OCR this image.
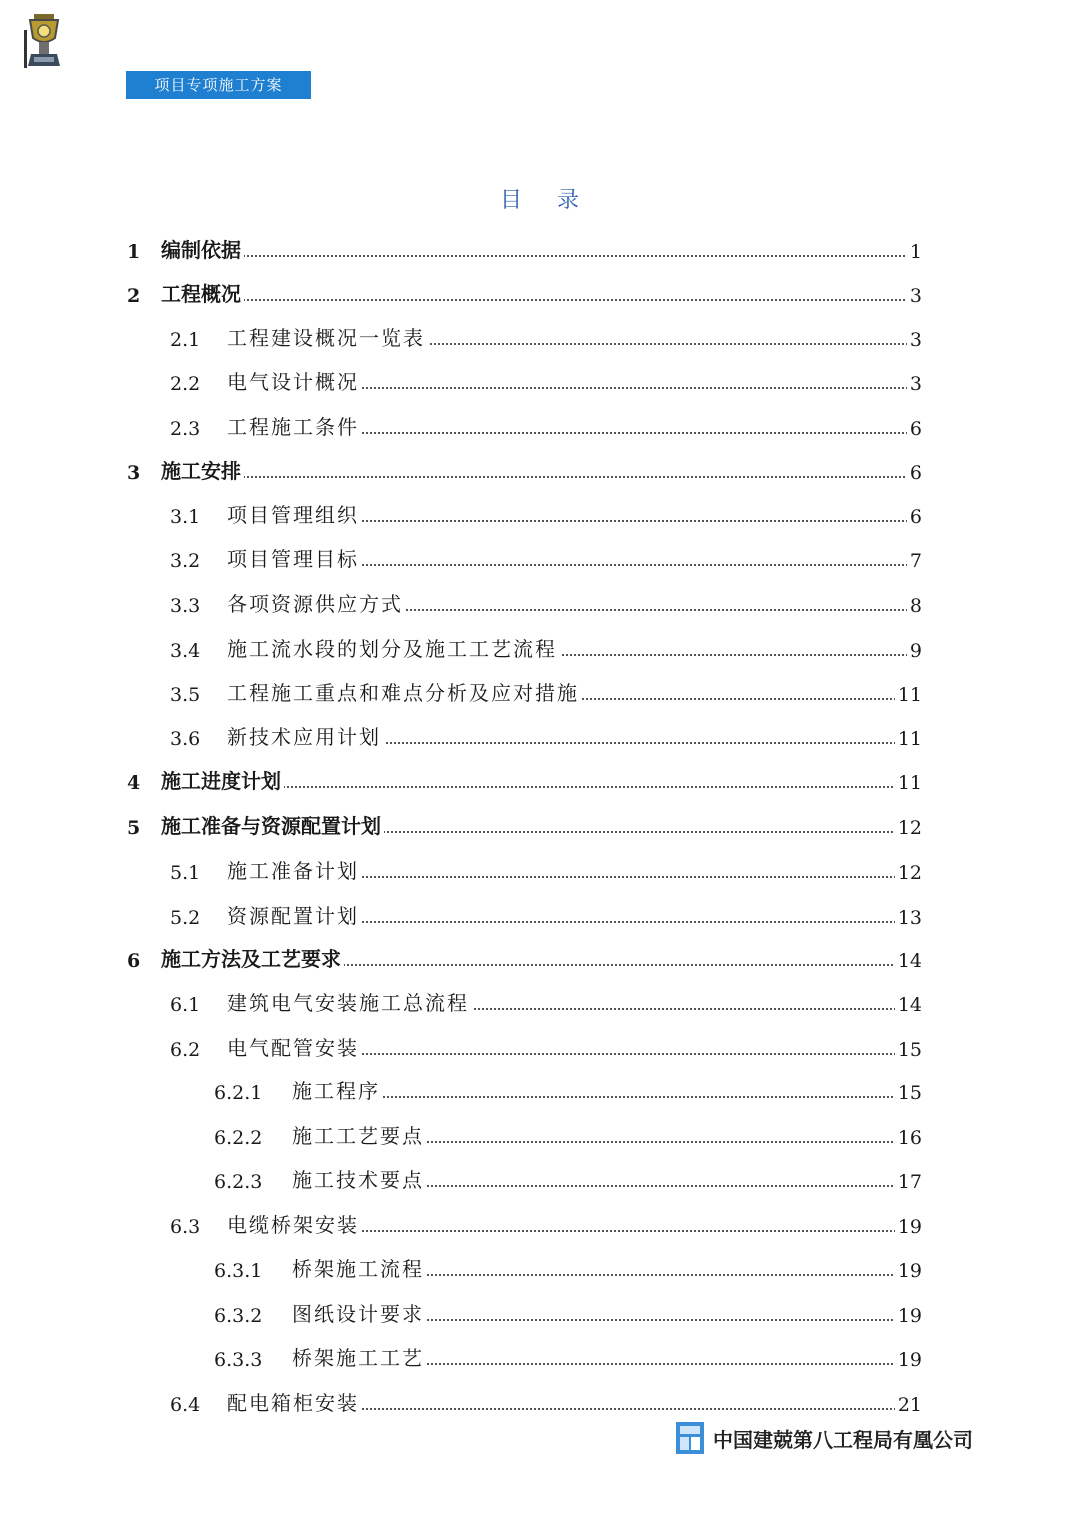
项目专项施工方案
目 录
1 编制依据	1
2 工程概况	3
2.1 工程建设概况一览表	3
2.2 电气设计概况	3
2.3 工程施工条件	6
3 施工安排	6
3.1 项目管理组织	6
3.2 项目管理目标	7
3.3 各项资源供应方式	8
3.4 施工流水段的划分及施工工艺流程	9
3.5 工程施工重点和难点分析及应对措施	11
3.6 新技术应用计划	11
4 施工进度计划	11
5 施工准备与资源配置计划	12
5.1 施工准备计划	12
5.2 资源配置计划	13
6 施工方法及工艺要求	14
6.1 建筑电气安装施工总流程	14
6.2 电气配管安装	15
6.2.1 施工程序	15
6.2.2 施工工艺要点	16
6.2.3 施工技术要点	17
6.3 电缆桥架安装	19
6.3.1 桥架施工流程	19
6.3.2 图纸设计要求	19
6.3.3 桥架施工工艺	19
6.4 配电箱柜安装	21
中国建兢第八工程局有凰公司
